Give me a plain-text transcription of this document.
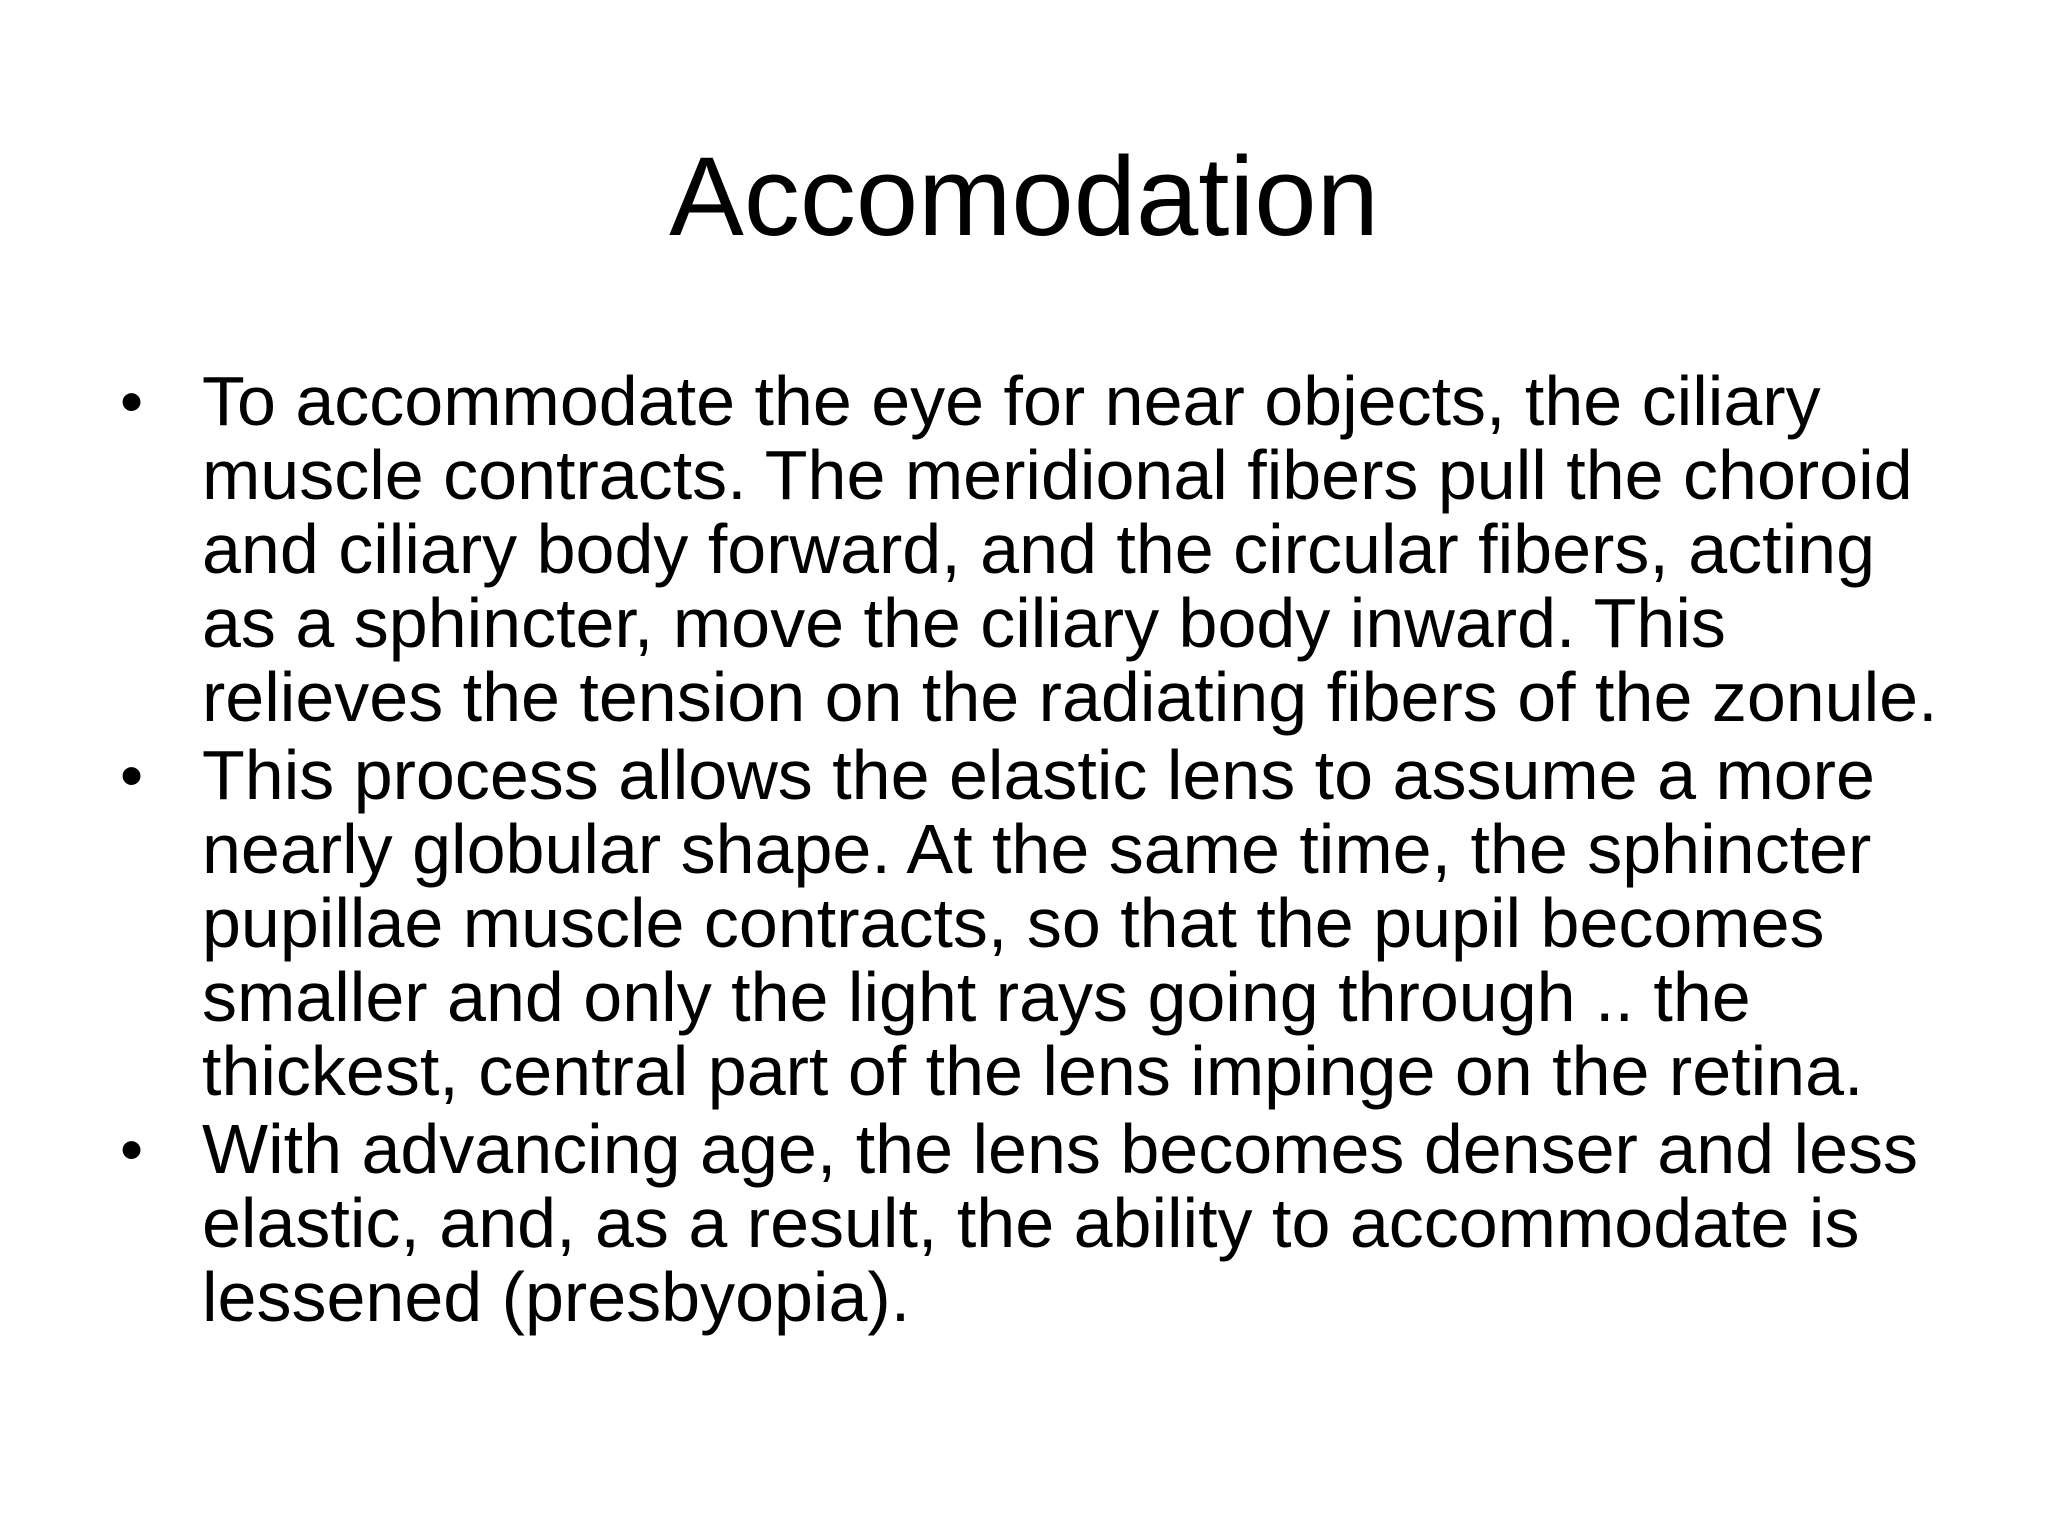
Accomodation
• To accommodate the eye for near objects, the ciliary muscle contracts. The meridional fibers pull the choroid and ciliary body forward, and the circular fibers, acting as a sphincter, move the ciliary body inward. This relieves the tension on the radiating fibers of the zonule.
• This process allows the elastic lens to assume a more nearly globular shape. At the same time, the sphincter pupillae muscle contracts, so that the pupil becomes smaller and only the light rays going through .. the thickest, central part of the lens impinge on the retina.
• With advancing age, the lens becomes denser and less elastic, and, as a result, the ability to accommodate is lessened (presbyopia).
